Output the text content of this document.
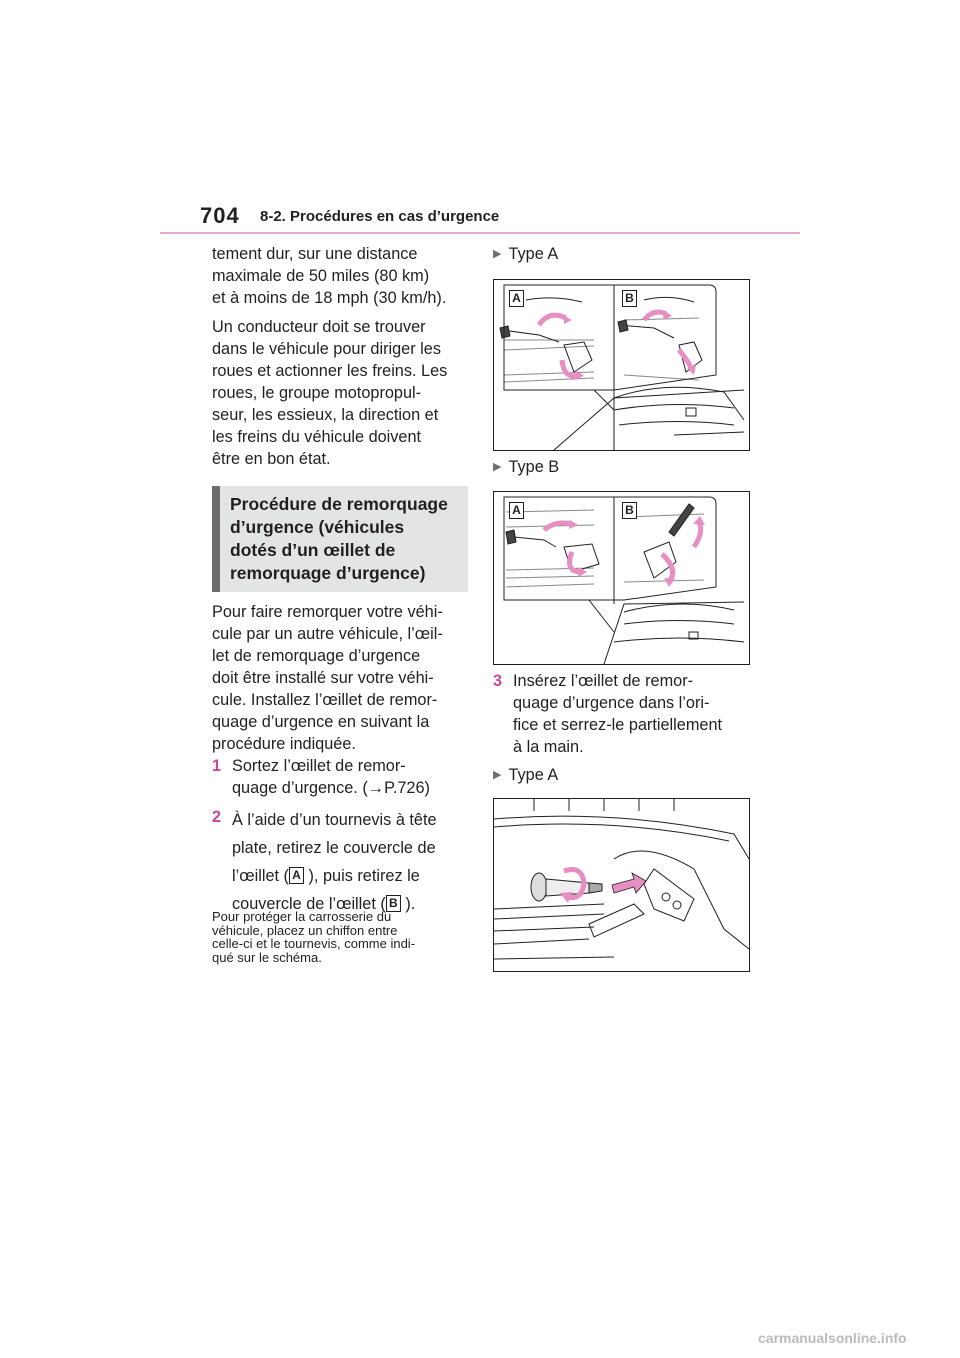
704 8-2. Procédures en cas d’urgence
tement dur, sur une distance
maximale de 50 miles (80 km)
et à moins de 18 mph (30 km/h).
Un conducteur doit se trouver
dans le véhicule pour diriger les
roues et actionner les freins. Les
roues, le groupe motopropul-
seur, les essieux, la direction et
les freins du véhicule doivent
être en bon état.
Procédure de remorquage
d’urgence (véhicules
dotés d’un œillet de
remorquage d’urgence)
Pour faire remorquer votre véhi-
cule par un autre véhicule, l’œil-
let de remorquage d’urgence
doit être installé sur votre véhi-
cule. Installez l’œillet de remor-
quage d’urgence en suivant la
procédure indiquée.
1 Sortez l’œillet de remor-
quage d’urgence. (→P.726)
2 À l’aide d’un tournevis à tête
plate, retirez le couvercle de
l’œillet ( A ), puis retirez le
couvercle de l’œillet ( B ).
Pour protéger la carrosserie du
véhicule, placez un chiffon entre
celle-ci et le tournevis, comme indi-
qué sur le schéma.
▶ Type A
A	B
▶ Type B
A	B
3 Insérez l’œillet de remor-
quage d’urgence dans l’ori-
fice et serrez-le partiellement
à la main.
▶ Type A
carmanualsonline.info
